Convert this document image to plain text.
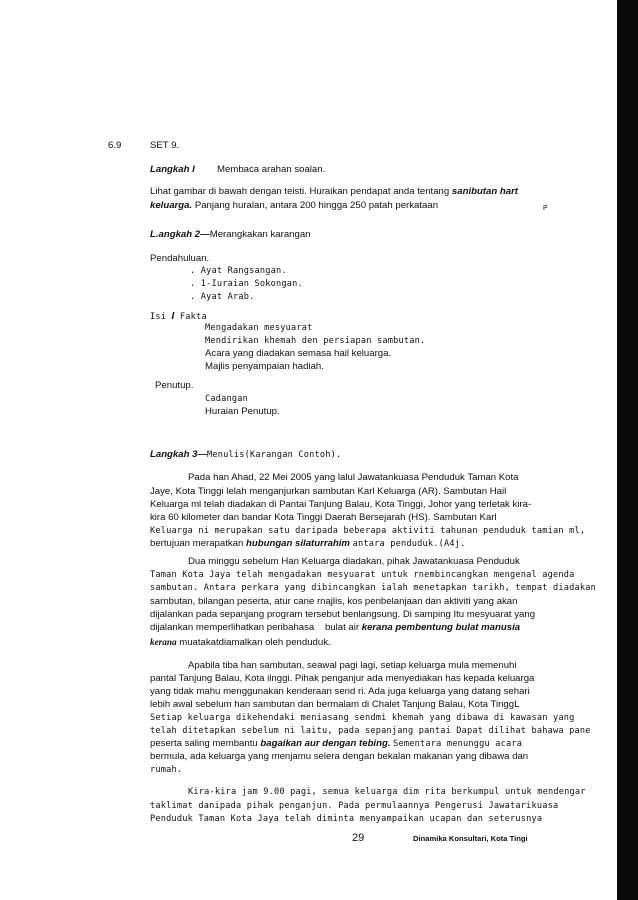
6.9	SET 9.
Langkah I Membaca arahan soalan.
Lihat gambar di bawah dengan teisti. Huraikan pendapat anda tentang sanibutan hart
keluarga. Panjang huralan, antara 200 hingga 250 patah perkataan	P
L.angkah 2—Merangkakan karangan
Pendahuluan.
. Ayat Rangsangan.
. 1-Iuraian Sokongan.
. Ayat Arab.
Isi I Fakta
Mengadakan mesyuarat
Mendirikan khemah den persiapan sambutan.
Acara yang diadakan semasa hail keluarga.
Majlis penyampaian hadiah.
Penutup.
Cadangan
Huraian Penutup.
Langkah 3—Menulis(Karangan Contoh).
Pada han Ahad, 22 Mei 2005 yang lalul Jawatankuasa Penduduk Taman Kota
Jaye, Kota Tinggi lelah menganjurkan sambutan Karl Keluarga (AR). Sambutan Hail
Keluarga ml telah diadakan di Pantai Tanjung Balau, Kota Tinggi, Johor yang terletak kira-
kira 60 kilometer dan bandar Kota Tinggi Daerah Bersejarah (HS). Sambutan Karl
Keluarga ni merupakan satu daripada beberapa aktiviti tahunan penduduk tamian ml,
bertujuan merapatkan hubungan silaturrahim antara penduduk.(A4j.
Dua minggu sebelum Han Keluarga diadakan, pihak Jawatankuasa Penduduk
Taman Kota Jaya telah mengadakan mesyuarat untuk rnembincangkan mengenal agenda
sambutan. Antara perkara yang dibincangkan ialah menetapkan tarikh, tempat diadakan
sarnbutan, bilangan peserta, atur cane rnajlis, kos penbelanjaan dan aktiviti yang akan
dijalankan pada sepanjang program tersebut benlangsung. Di samping Itu mesyuarat yang
dijalankan memperlihatkan peribahasa bulat air kerana pembentung bulat manusia
kerana muatakatdiamalkan oleh penduduk.
Apabila tiba han sambutan, seawal pagi lagi, setiap keluarga mula memenuhi
pantal Tanjung Balau, Kota ilnggi. Pihak penganjur ada menyediakan has kepada keluarga
yang tidak mahu menggunakan kenderaan send ri. Ada juga keluarga yang datang sehari
lebih awal sebelum han sambutan dan bermalam di Chalet Tanjung Balau, Kota TinggL
Setiap keluarga dikehendaki meniasang sendmi khemah yang dibawa di kawasan yang
telah ditetapkan sebelum ni laitu, pada sepanjang pantai Dapat dilihat bahawa pane
peserta saling membantu bagaikan aur dengan tebing. Sementara menunggu acara
bermula, ada keluarga yang menjamu selera dengan bekalan makanan yang dibawa dan
rumah.
Kira-kira jam 9.00 pagi, semua keluarga dim rita berkumpul untuk mendengar
taklimat danipada pihak penganjun. Pada permulaannya Pengerusi Jawatarikuasa
Penduduk Taman Kota Jaya telah diminta menyampaikan ucapan dan seterusnya
29	Dinamika Konsultari, Kota Tingi
